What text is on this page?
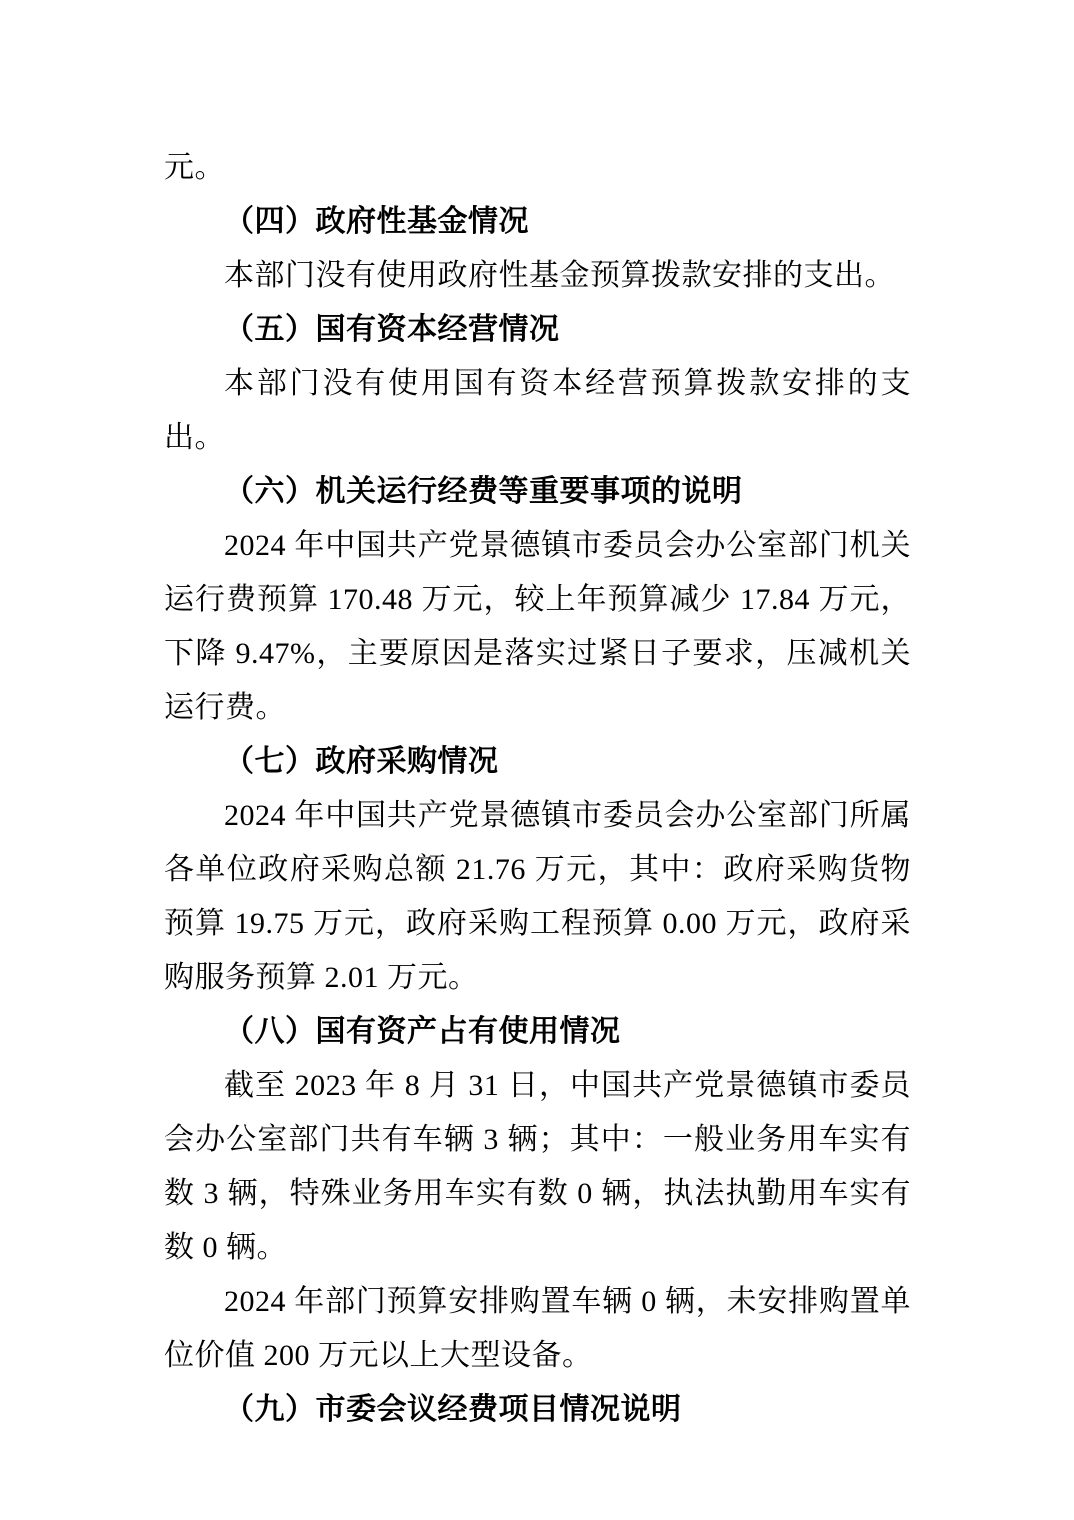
元。

（四）政府性基金情况

本部门没有使用政府性基金预算拨款安排的支出。

（五）国有资本经营情况

本部门没有使用国有资本经营预算拨款安排的支出。

（六）机关运行经费等重要事项的说明

2024 年中国共产党景德镇市委员会办公室部门机关运行费预算 170.48 万元，较上年预算减少 17.84 万元，下降 9.47%，主要原因是落实过紧日子要求，压减机关运行费。

（七）政府采购情况

2024 年中国共产党景德镇市委员会办公室部门所属各单位政府采购总额 21.76 万元，其中：政府采购货物预算 19.75 万元，政府采购工程预算 0.00 万元，政府采购服务预算 2.01 万元。

（八）国有资产占有使用情况

截至 2023 年 8 月 31 日，中国共产党景德镇市委员会办公室部门共有车辆 3 辆；其中：一般业务用车实有数 3 辆，特殊业务用车实有数 0 辆，执法执勤用车实有数 0 辆。

2024 年部门预算安排购置车辆 0 辆，未安排购置单位价值 200 万元以上大型设备。

（九）市委会议经费项目情况说明
